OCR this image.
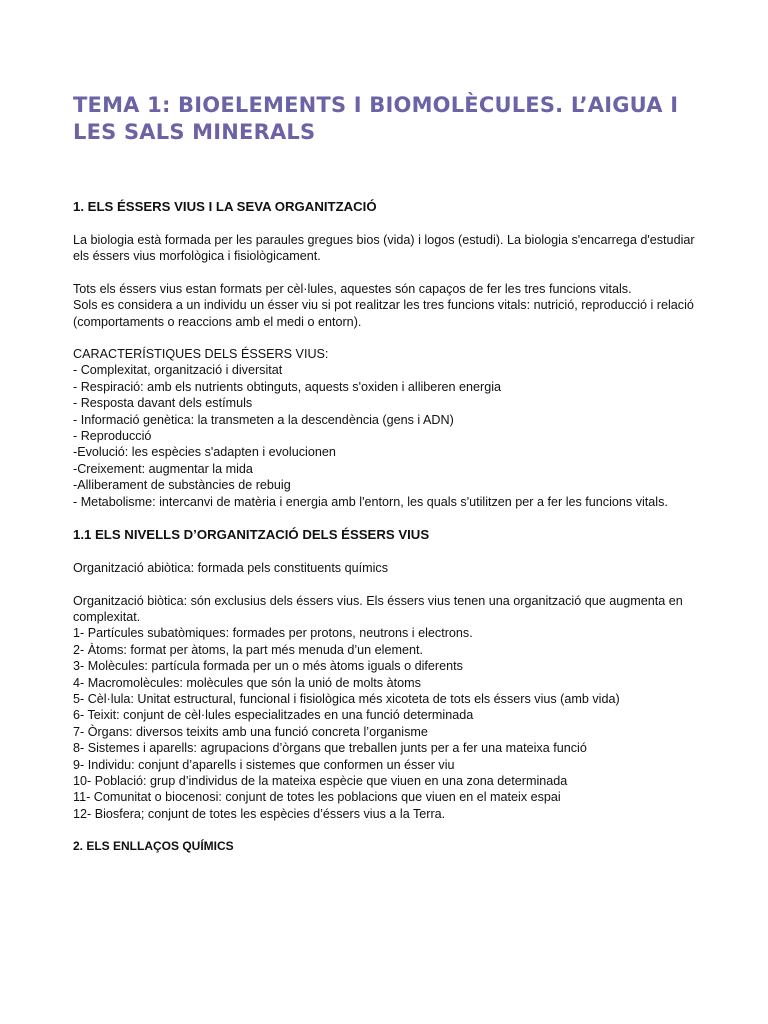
TEMA 1: BIOELEMENTS I BIOMOLÈCULES. L’AIGUA I LES SALS MINERALS
1. ELS ÉSSERS VIUS I LA SEVA ORGANITZACIÓ

La biologia està formada per les paraules gregues bios (vida) i logos (estudi). La biologia s'encarrega d'estudiar els éssers vius morfològica i fisiològicament.

Tots els éssers vius estan formats per cèl·lules, aquestes són capaços de fer les tres funcions vitals.

Sols es considera a un individu un ésser viu si pot realitzar les tres funcions vitals: nutrició, reproducció i relació (comportaments o reaccions amb el medi o entorn).

CARACTERÍSTIQUES DELS ÉSSERS VIUS:

- Complexitat, organització i diversitat
- Respiració: amb els nutrients obtinguts, aquests s'oxiden i alliberen energia
- Resposta davant dels estímuls
- Informació genètica: la transmeten a la descendència (gens i ADN)
- Reproducció
-Evolució: les espècies s'adapten i evolucionen
-Creixement: augmentar la mida
-Alliberament de substàncies de rebuig
- Metabolisme: intercanvi de matèria i energia amb l'entorn, les quals s'utilitzen per a fer les funcions vitals.
1.1 ELS NIVELLS D’ORGANITZACIÓ DELS ÉSSERS VIUS

Organització abiòtica: formada pels constituents químics

Organització biòtica: són exclusius dels éssers vius. Els éssers vius tenen una organització que augmenta en complexitat.

1- Partícules subatòmiques: formades per protons, neutrons i electrons.
2- Àtoms: format per àtoms, la part més menuda d’un element.
3- Molècules: partícula formada per un o més àtoms iguals o diferents
4- Macromolècules: molècules que són la unió de molts àtoms
5- Cèl·lula: Unitat estructural, funcional i fisiològica més xicoteta de tots els éssers vius (amb vida)
6- Teixit: conjunt de cèl·lules especialitzades en una funció determinada
7- Òrgans: diversos teixits amb una funció concreta l’organisme
8- Sistemes i aparells: agrupacions d’òrgans que treballen junts per a fer una mateixa funció
9- Individu: conjunt d’aparells i sistemes que conformen un ésser viu
10- Població: grup d’individus de la mateixa espècie que viuen en una zona determinada
11- Comunitat o biocenosi: conjunt de totes les poblacions que viuen en el mateix espai
12- Biosfera; conjunt de totes les espècies d’éssers vius a la Terra.
2. ELS ENLLAÇOS QUÍMICS
